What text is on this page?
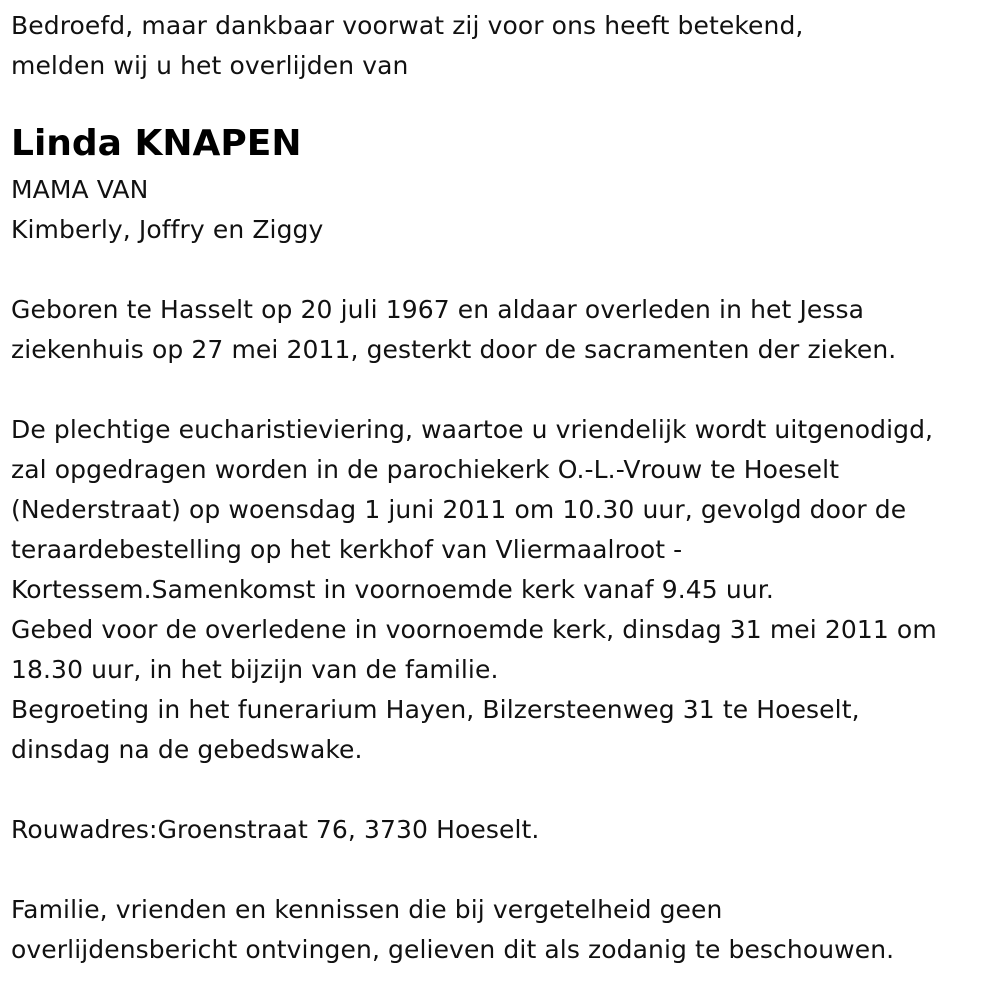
Bedroefd, maar dankbaar voorwat zij voor ons heeft betekend,
melden wij u het overlijden van
Linda KNAPEN
MAMA VAN
Kimberly, Joffry en Ziggy
Geboren te Hasselt op 20 juli 1967 en aldaar overleden in het Jessa
ziekenhuis op 27 mei 2011, gesterkt door de sacramenten der zieken.
De plechtige eucharistieviering, waartoe u vriendelijk wordt uitgenodigd,
zal opgedragen worden in de parochiekerk O.-L.-Vrouw te Hoeselt
(Nederstraat) op woensdag 1 juni 2011 om 10.30 uur, gevolgd door de
teraardebestelling op het kerkhof van Vliermaalroot -
Kortessem.Samenkomst in voornoemde kerk vanaf 9.45 uur.
Gebed voor de overledene in voornoemde kerk, dinsdag 31 mei 2011 om
18.30 uur, in het bijzijn van de familie.
Begroeting in het funerarium Hayen, Bilzersteenweg 31 te Hoeselt,
dinsdag na de gebedswake.
Rouwadres:Groenstraat 76, 3730 Hoeselt.
Familie, vrienden en kennissen die bij vergetelheid geen
overlijdensbericht ontvingen, gelieven dit als zodanig te beschouwen.
